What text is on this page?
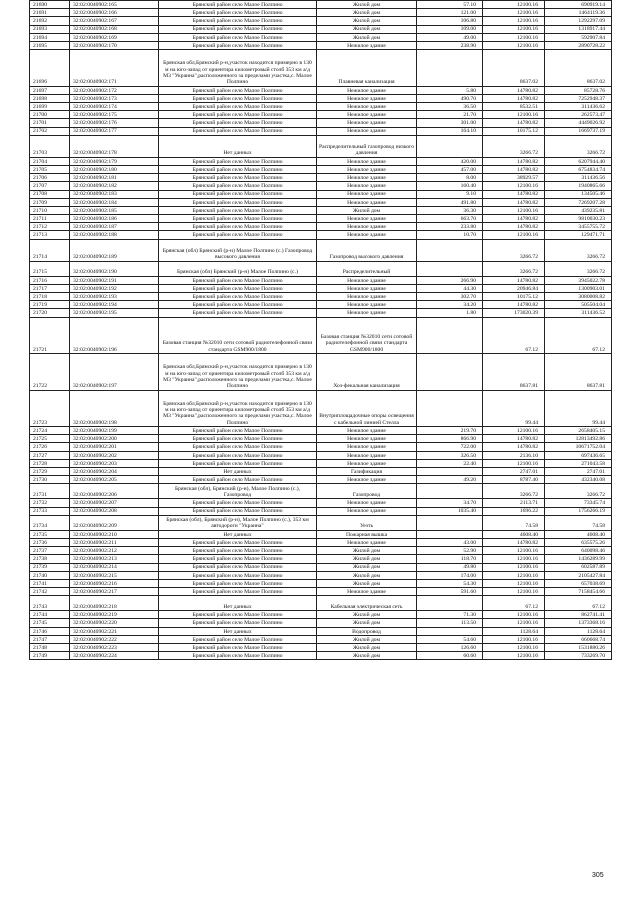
21690	32:02:0040902:165	Брянский район село Малое Полпино	Жилой дом	57.10	12100.16	690919.14
21691	32:02:0040902:166	Брянский район село Малое Полпино	Жилой дом	121.00	12100.16	1464119.36
21692	32:02:0040902:167	Брянский район село Малое Полпино	Жилой дом	106.80	12100.16	1292297.09
21693	32:02:0040902:168	Брянский район село Малое Полпино	Жилой дом	109.00	12100.16	1318917.44
21694	32:02:0040902:169	Брянский район село Малое Полпино	Жилой дом	49.00	12100.16	592907.84
21695	32:02:0040902:170	Брянский район село Малое Полпино	Нежилое здание	238.90	12100.16	2890728.22
21696	32:02:0040902:171	Брянская обл,Брянский р-н,участок находится примерно в 130 м на юго-запад от ориентира километровый столб 353 км а/д М3 "Украина",расположенного за пределами участка,с. Малое Полпино	Плавневая канализация		8637.02	8637.02
21697	32:02:0040902:172	Брянский район село Малое Полпино	Нежилое здание	5.80	14780.82	85728.76
21698	32:02:0040902:173	Брянский район село Малое Полпино	Нежилое здание	490.70	14780.82	7252948.37
21699	32:02:0040902:174	Брянский район село Малое Полпино	Нежилое здание	36.50	8532.51	311436.62
21700	32:02:0040902:175	Брянский район село Малое Полпино	Нежилое здание	21.70	12100.16	262573.47
21701	32:02:0040902:176	Брянский район село Малое Полпино	Нежилое здание	301.00	14780.82	4449026.92
21702	32:02:0040902:177	Брянский район село Малое Полпино	Нежилое здание	164.10	10175.12	1669737.19
21703	32:02:0040902:178	Нет данных	Распределительный газопровод низкого давления		3266.72	3266.72
21704	32:02:0040902:179	Брянский район село Малое Полпино	Нежилое здание	420.00	14780.82	6207944.40
21705	32:02:0040902:180	Брянский район село Малое Полпино	Нежилое здание	457.00	14780.82	6754834.74
21706	32:02:0040902:181	Брянский район село Малое Полпино	Нежилое здание	8.00	38929.57	311436.56
21707	32:02:0040902:182	Брянский район село Малое Полпино	Нежилое здание	160.40	12100.16	1940865.66
21708	32:02:0040902:183	Брянский район село Малое Полпино	Нежилое здание	9.10	14780.82	134505.46
21709	32:02:0040902:184	Брянский район село Малое Полпино	Нежилое здание	491.80	14780.82	7269207.28
21710	32:02:0040902:185	Брянский район село Малое Полпино	Жилой дом	36.30	12100.16	439235.81
21711	32:02:0040902:186	Брянский район село Малое Полпино	Нежилое здание	663.70	14780.82	9810030.23
21712	32:02:0040902:187	Брянский район село Малое Полпино	Нежилое здание	233.80	14780.82	3455755.72
21713	32:02:0040902:188	Брянский район село Малое Полпино	Нежилое здание	10.70	12100.16	129471.71
21714	32:02:0040902:189	Брянская (обл) Брянский (р-н) Малое Полпино (с.) Газопровод высокого давления	Газопровод высокого давления		3266.72	3266.72
21715	32:02:0040902:190	Брянская (обл) Брянский (р-н) Малое Полпино (с.)	Распределительный		3266.72	3266.72
21716	32:02:0040902:191	Брянский район село Малое Полпино	Нежилое здание	266.90	14780.82	3945022.78
21717	32:02:0040902:192	Брянский район село Малое Полпино	Нежилое здание	44.30	20946.84	1300903.01
21718	32:02:0040902:193	Брянский район село Малое Полпино	Нежилое здание	302.70	10175.12	3080008.82
21719	32:02:0040902:194	Брянский район село Малое Полпино	Нежилое здание	34.20	14780.82	505504.04
21720	32:02:0040902:195	Брянский район село Малое Полпино	Нежилое здание	1.80	173020.39	311436.52
21721	32:02:0040902:196	Базовая станция №32010 сети сотовой радиотелефонной связи стандарта GSM900/1800	Базовая станция №32010 сети сотовой радиотелефонной связи стандарта GSM900/1800		67.12	67.12
21722	32:02:0040902:197	Брянская обл,Брянский р-н,участок находится примерно в 130 м на юго-запад от ориентира километровый столб 353 км а/д М3 "Украина",расположенного за пределами участка,с. Малое Полпино	Хоз-фекальная канализация		8637.81	8637.81
21723	32:02:0040902:198	Брянская обл,Брянский р-н,участок находится примерно в 130 м на юго-запад от ориентира километровый столб 353 км а/д М3 "Украина",расположенного за пределами участка,с. Малое Полпино	Внутриплощадочные опоры освещения с кабельной линией Стелла		99.44	99.44
21724	32:02:0040902:199	Брянский район село Малое Полпино	Нежилое здание	219.70	12100.16	2658405.15
21725	32:02:0040902:200	Брянский район село Малое Полпино	Нежилое здание	866.90	14780.82	12813492.86
21726	32:02:0040902:201	Брянский район село Малое Полпино	Нежилое здание	722.00	14780.82	10671752.04
21727	32:02:0040902:202	Брянский район село Малое Полпино	Нежилое здание	326.50	2136.10	697436.65
21728	32:02:0040902:203	Брянский район село Малое Полпино	Нежилое здание	22.40	12100.16	271043.58
21729	32:02:0040902:204	Нет данных	Газификация		2747.01	2747.01
21730	32:02:0040902:205	Брянский район село Малое Полпино	Нежилое здание	49.20	8787.40	432340.08
21731	32:02:0040902:206	Брянская (обл), Брянский (р-н), Малое Полпино (с.), Газопровод	Газопровод		3266.72	3266.72
21732	32:02:0040902:207	Брянский район село Малое Полпино	Нежилое здание	34.70	2113.71	73345.74
21733	32:02:0040902:208	Брянский район село Малое Полпино	Нежилое здание	1035.40	1696.22	1756266.19
21734	32:02:0040902:209	Брянская (обл), Брянский (р-н), Малое Полпино (с.), 353 км автодороги "Украина"	Уезть		74.58	74.58
21735	32:02:0040902:210	Нет данных	Пожарная вышка		4608.40	4608.40
21736	32:02:0040902:211	Брянский район село Малое Полпино	Нежилое здание	43.00	14780.82	635575.26
21737	32:02:0040902:212	Брянский район село Малое Полпино	Жилой дом	52.90	12100.16	640098.46
21738	32:02:0040902:213	Брянский район село Малое Полпино	Жилой дом	118.70	12100.16	1436289.99
21739	32:02:0040902:214	Брянский район село Малое Полпино	Жилой дом	49.80	12100.16	602587.89
21740	32:02:0040902:215	Брянский район село Малое Полпино	Жилой дом	174.00	12100.16	2105427.84
21741	32:02:0040902:216	Брянский район село Малое Полпино	Жилой дом	54.30	12100.16	657038.69
21742	32:02:0040902:217	Брянский район село Малое Полпино	Нежилое здание	591.60	12100.16	7158454.66
21743	32:02:0040902:218	Нет данных	Кабельная электрическая сеть		67.12	67.12
21744	32:02:0040902:219	Брянский район село Малое Полпино	Жилой дом	71.30	12100.16	862741.41
21745	32:02:0040902:220	Брянский район село Малое Полпино	Жилой дом	113.50	12100.16	1373368.16
21746	32:02:0040902:221	Нет данных	Водопровод		1128.64	1128.64
21747	32:02:0040902:222	Брянский район село Малое Полпино	Жилой дом	54.60	12100.16	660668.74
21748	32:02:0040902:223	Брянский район село Малое Полпино	Жилой дом	126.60	12100.16	1531880.26
21749	32:02:0040902:224	Брянский район село Малое Полпино	Жилой дом	60.60	12100.16	733269.70
305
